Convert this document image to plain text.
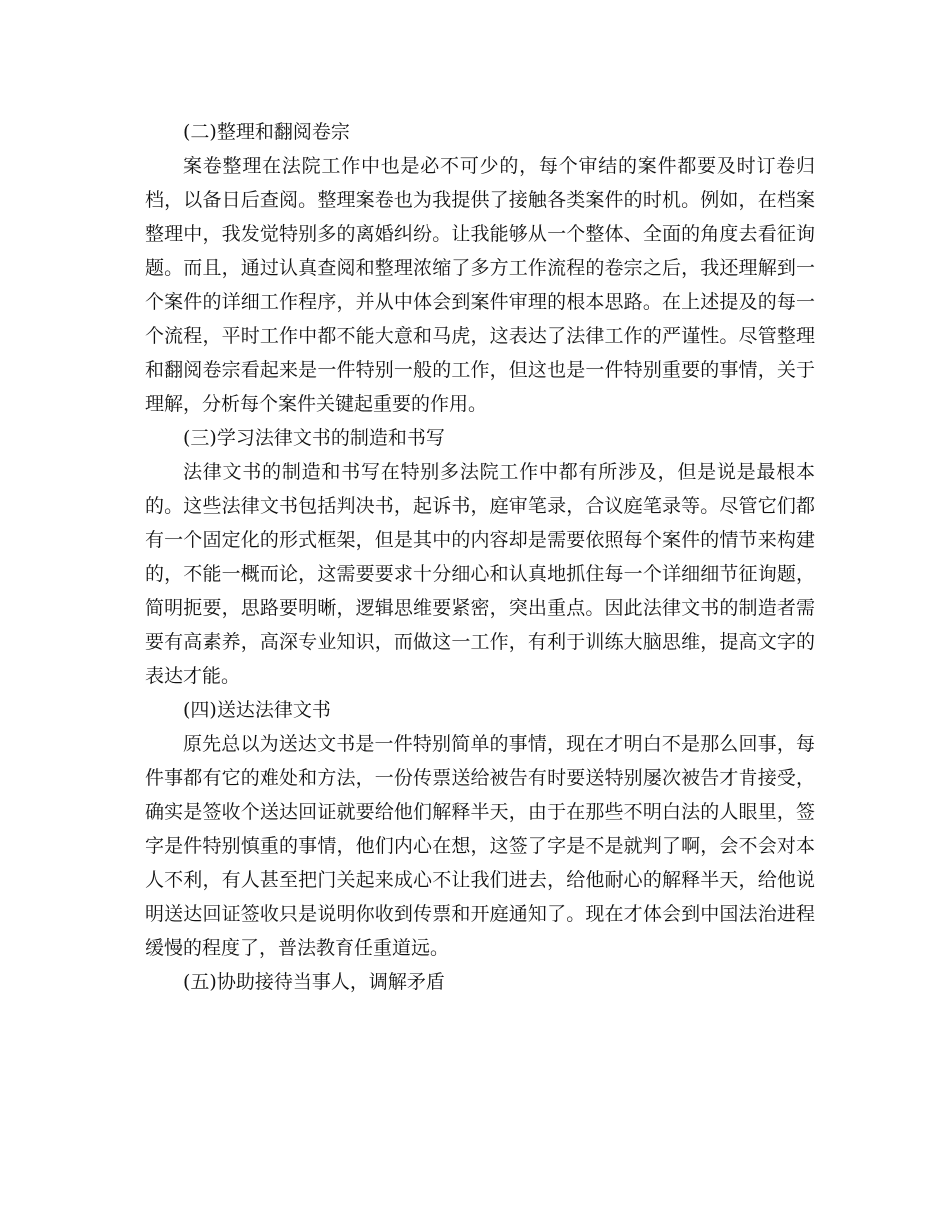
(二)整理和翻阅卷宗

案卷整理在法院工作中也是必不可少的，每个审结的案件都要及时订卷归档，以备日后查阅。整理案卷也为我提供了接触各类案件的时机。例如，在档案整理中，我发觉特别多的离婚纠纷。让我能够从一个整体、全面的角度去看征询题。而且，通过认真查阅和整理浓缩了多方工作流程的卷宗之后，我还理解到一个案件的详细工作程序，并从中体会到案件审理的根本思路。在上述提及的每一个流程，平时工作中都不能大意和马虎，这表达了法律工作的严谨性。尽管整理和翻阅卷宗看起来是一件特别一般的工作，但这也是一件特别重要的事情，关于理解，分析每个案件关键起重要的作用。

(三)学习法律文书的制造和书写

法律文书的制造和书写在特别多法院工作中都有所涉及，但是说是最根本的。这些法律文书包括判决书，起诉书，庭审笔录，合议庭笔录等。尽管它们都有一个固定化的形式框架，但是其中的内容却是需要依照每个案件的情节来构建的，不能一概而论，这需要要求十分细心和认真地抓住每一个详细细节征询题，简明扼要，思路要明晰，逻辑思维要紧密，突出重点。因此法律文书的制造者需要有高素养，高深专业知识，而做这一工作，有利于训练大脑思维，提高文字的表达才能。

(四)送达法律文书

原先总以为送达文书是一件特别简单的事情，现在才明白不是那么回事，每件事都有它的难处和方法，一份传票送给被告有时要送特别屡次被告才肯接受，确实是签收个送达回证就要给他们解释半天，由于在那些不明白法的人眼里，签字是件特别慎重的事情，他们内心在想，这签了字是不是就判了啊，会不会对本人不利，有人甚至把门关起来成心不让我们进去，给他耐心的解释半天，给他说明送达回证签收只是说明你收到传票和开庭通知了。现在才体会到中国法治进程缓慢的程度了，普法教育任重道远。

(五)协助接待当事人，调解矛盾
